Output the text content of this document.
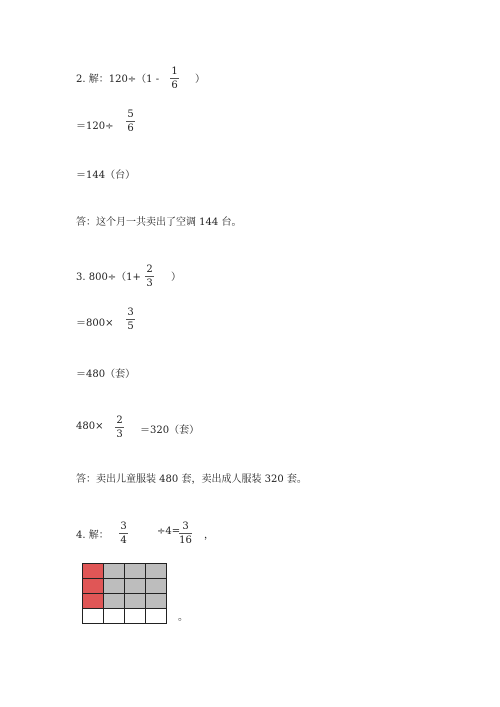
2. 解：120÷（1 -
1
6
）
＝120÷
5
6
＝144（台）
答：这个月一共卖出了空调 144 台。
3. 800÷（1+
2
3
）
＝800×
3
5
＝480（套）
480×
2
3 ＝320（套）
答：卖出儿童服装 480 套，卖出成人服装 320 套。
4. 解：
3
4
÷4= 3
16 ，

。
